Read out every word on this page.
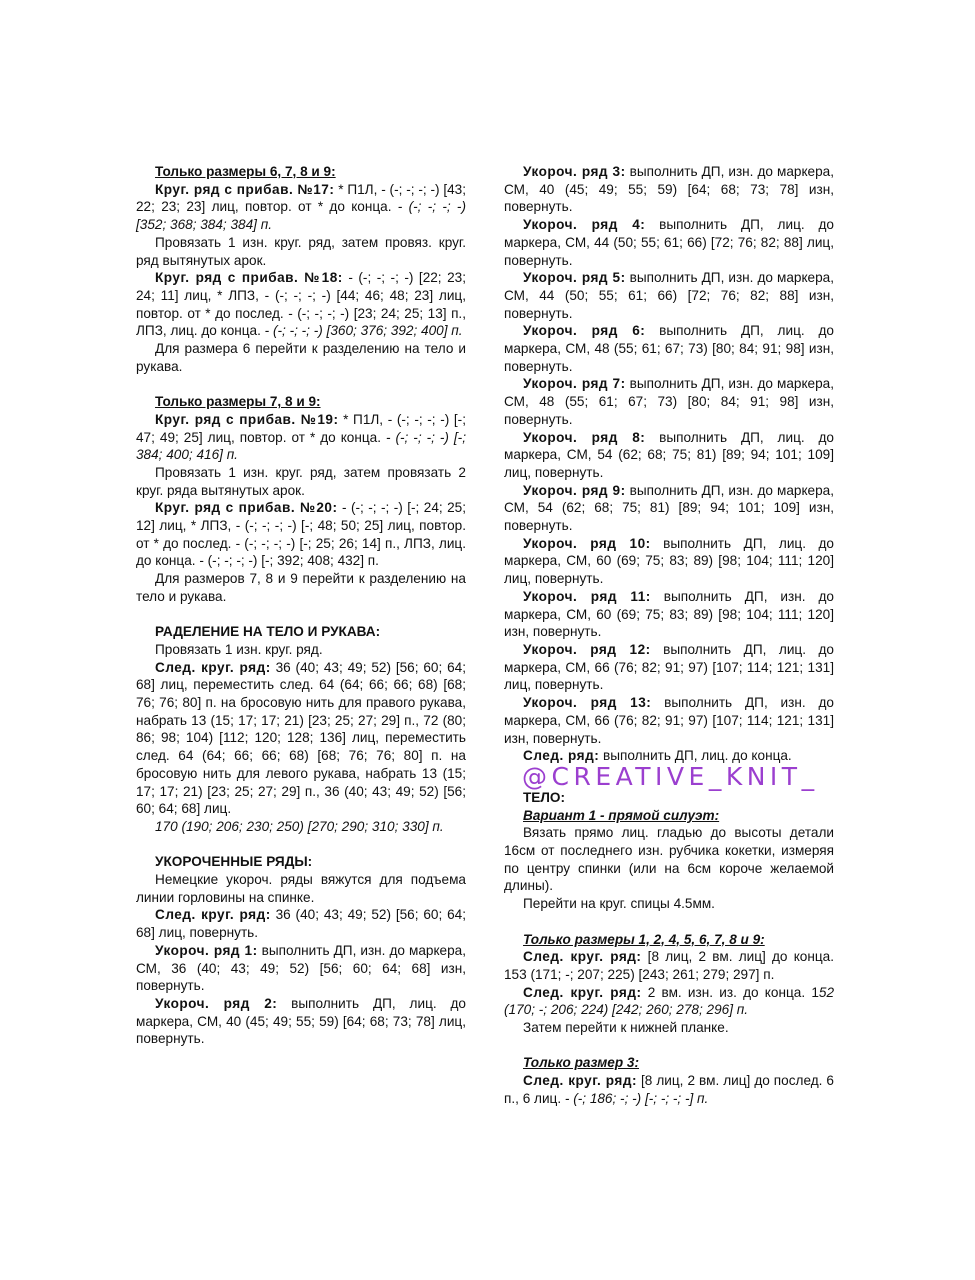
Только размеры 6, 7, 8 и 9:

Круг. ряд с прибав. №17: * П1Л, - (-; -; -; -) [43; 22; 23; 23] лиц, повтор. от * до конца. - (-; -; -; -) [352; 368; 384; 384] п.

Провязать 1 изн. круг. ряд, затем провяз. круг. ряд вытянутых арок.

Круг. ряд с прибав. №18: - (-; -; -; -) [22; 23; 24; 11] лиц, * ЛПЗ, - (-; -; -; -) [44; 46; 48; 23] лиц, повтор. от * до послед. - (-; -; -; -) [23; 24; 25; 13] п., ЛПЗ, лиц. до конца. - (-; -; -; -) [360; 376; 392; 400] п.

Для размера 6 перейти к разделению на тело и рукава.

Только размеры 7, 8 и 9:

Круг. ряд с прибав. №19: * П1Л, - (-; -; -; -) [-; 47; 49; 25] лиц, повтор. от * до конца. - (-; -; -; -) [-; 384; 400; 416] п.

Провязать 1 изн. круг. ряд, затем провязать 2 круг. ряда вытянутых арок.

Круг. ряд с прибав. №20: - (-; -; -; -) [-; 24; 25; 12] лиц, * ЛПЗ, - (-; -; -; -) [-; 48; 50; 25] лиц, повтор. от * до послед. - (-; -; -; -) [-; 25; 26; 14] п., ЛПЗ, лиц. до конца. - (-; -; -; -) [-; 392; 408; 432] п.

Для размеров 7, 8 и 9 перейти к разделению на тело и рукава.

РАДЕЛЕНИЕ НА ТЕЛО И РУКАВА:

Провязать 1 изн. круг. ряд.

След. круг. ряд: 36 (40; 43; 49; 52) [56; 60; 64; 68] лиц, переместить след. 64 (64; 66; 66; 68) [68; 76; 76; 80] п. на бросовую нить для правого рукава, набрать 13 (15; 17; 17; 21) [23; 25; 27; 29] п., 72 (80; 86; 98; 104) [112; 120; 128; 136] лиц, переместить след. 64 (64; 66; 66; 68) [68; 76; 76; 80] п. на бросовую нить для левого рукава, набрать 13 (15; 17; 17; 21) [23; 25; 27; 29] п., 36 (40; 43; 49; 52) [56; 60; 64; 68] лиц.

170 (190; 206; 230; 250) [270; 290; 310; 330] п.

УКОРОЧЕННЫЕ РЯДЫ:

Немецкие укороч. ряды вяжутся для подъема линии горловины на спинке.

След. круг. ряд: 36 (40; 43; 49; 52) [56; 60; 64; 68] лиц, повернуть.

Укороч. ряд 1: выполнить ДП, изн. до маркера, СМ, 36 (40; 43; 49; 52) [56; 60; 64; 68] изн, повернуть.

Укороч. ряд 2: выполнить ДП, лиц. до маркера, СМ, 40 (45; 49; 55; 59) [64; 68; 73; 78] лиц, повернуть.

Укороч. ряд 3: выполнить ДП, изн. до маркера, СМ, 40 (45; 49; 55; 59) [64; 68; 73; 78] изн, повернуть.

Укороч. ряд 4: выполнить ДП, лиц. до маркера, СМ, 44 (50; 55; 61; 66) [72; 76; 82; 88] лиц, повернуть.

Укороч. ряд 5: выполнить ДП, изн. до маркера, СМ, 44 (50; 55; 61; 66) [72; 76; 82; 88] изн, повернуть.

Укороч. ряд 6: выполнить ДП, лиц. до маркера, СМ, 48 (55; 61; 67; 73) [80; 84; 91; 98] изн, повернуть.

Укороч. ряд 7: выполнить ДП, изн. до маркера, СМ, 48 (55; 61; 67; 73) [80; 84; 91; 98] изн, повернуть.

Укороч. ряд 8: выполнить ДП, лиц. до маркера, СМ, 54 (62; 68; 75; 81) [89; 94; 101; 109] лиц, повернуть.

Укороч. ряд 9: выполнить ДП, изн. до маркера, СМ, 54 (62; 68; 75; 81) [89; 94; 101; 109] изн, повернуть.

Укороч. ряд 10: выполнить ДП, лиц. до маркера, СМ, 60 (69; 75; 83; 89) [98; 104; 111; 120] лиц, повернуть.

Укороч. ряд 11: выполнить ДП, изн. до маркера, СМ, 60 (69; 75; 83; 89) [98; 104; 111; 120] изн, повернуть.

Укороч. ряд 12: выполнить ДП, лиц. до маркера, СМ, 66 (76; 82; 91; 97) [107; 114; 121; 131] лиц, повернуть.

Укороч. ряд 13: выполнить ДП, изн. до маркера, СМ, 66 (76; 82; 91; 97) [107; 114; 121; 131] изн, повернуть.

След. ряд: выполнить ДП, лиц. до конца.

@CREATIVE_KNIT_

ТЕЛО:

Вариант 1 - прямой силуэт:

Вязать прямо лиц. гладью до высоты детали 16см от последнего изн. рубчика кокетки, измеряя по центру спинки (или на 6см короче желаемой длины).

Перейти на круг. спицы 4.5мм.

Только размеры 1, 2, 4, 5, 6, 7, 8 и 9:

След. круг. ряд: [8 лиц, 2 вм. лиц] до конца. 153 (171; -; 207; 225) [243; 261; 279; 297] п.

След. круг. ряд: 2 вм. изн. из. до конца. 152 (170; -; 206; 224) [242; 260; 278; 296] п.

Затем перейти к нижней планке.

Только размер 3:

След. круг. ряд: [8 лиц, 2 вм. лиц] до послед. 6 п., 6 лиц. - (-; 186; -; -) [-; -; -; -] п.
